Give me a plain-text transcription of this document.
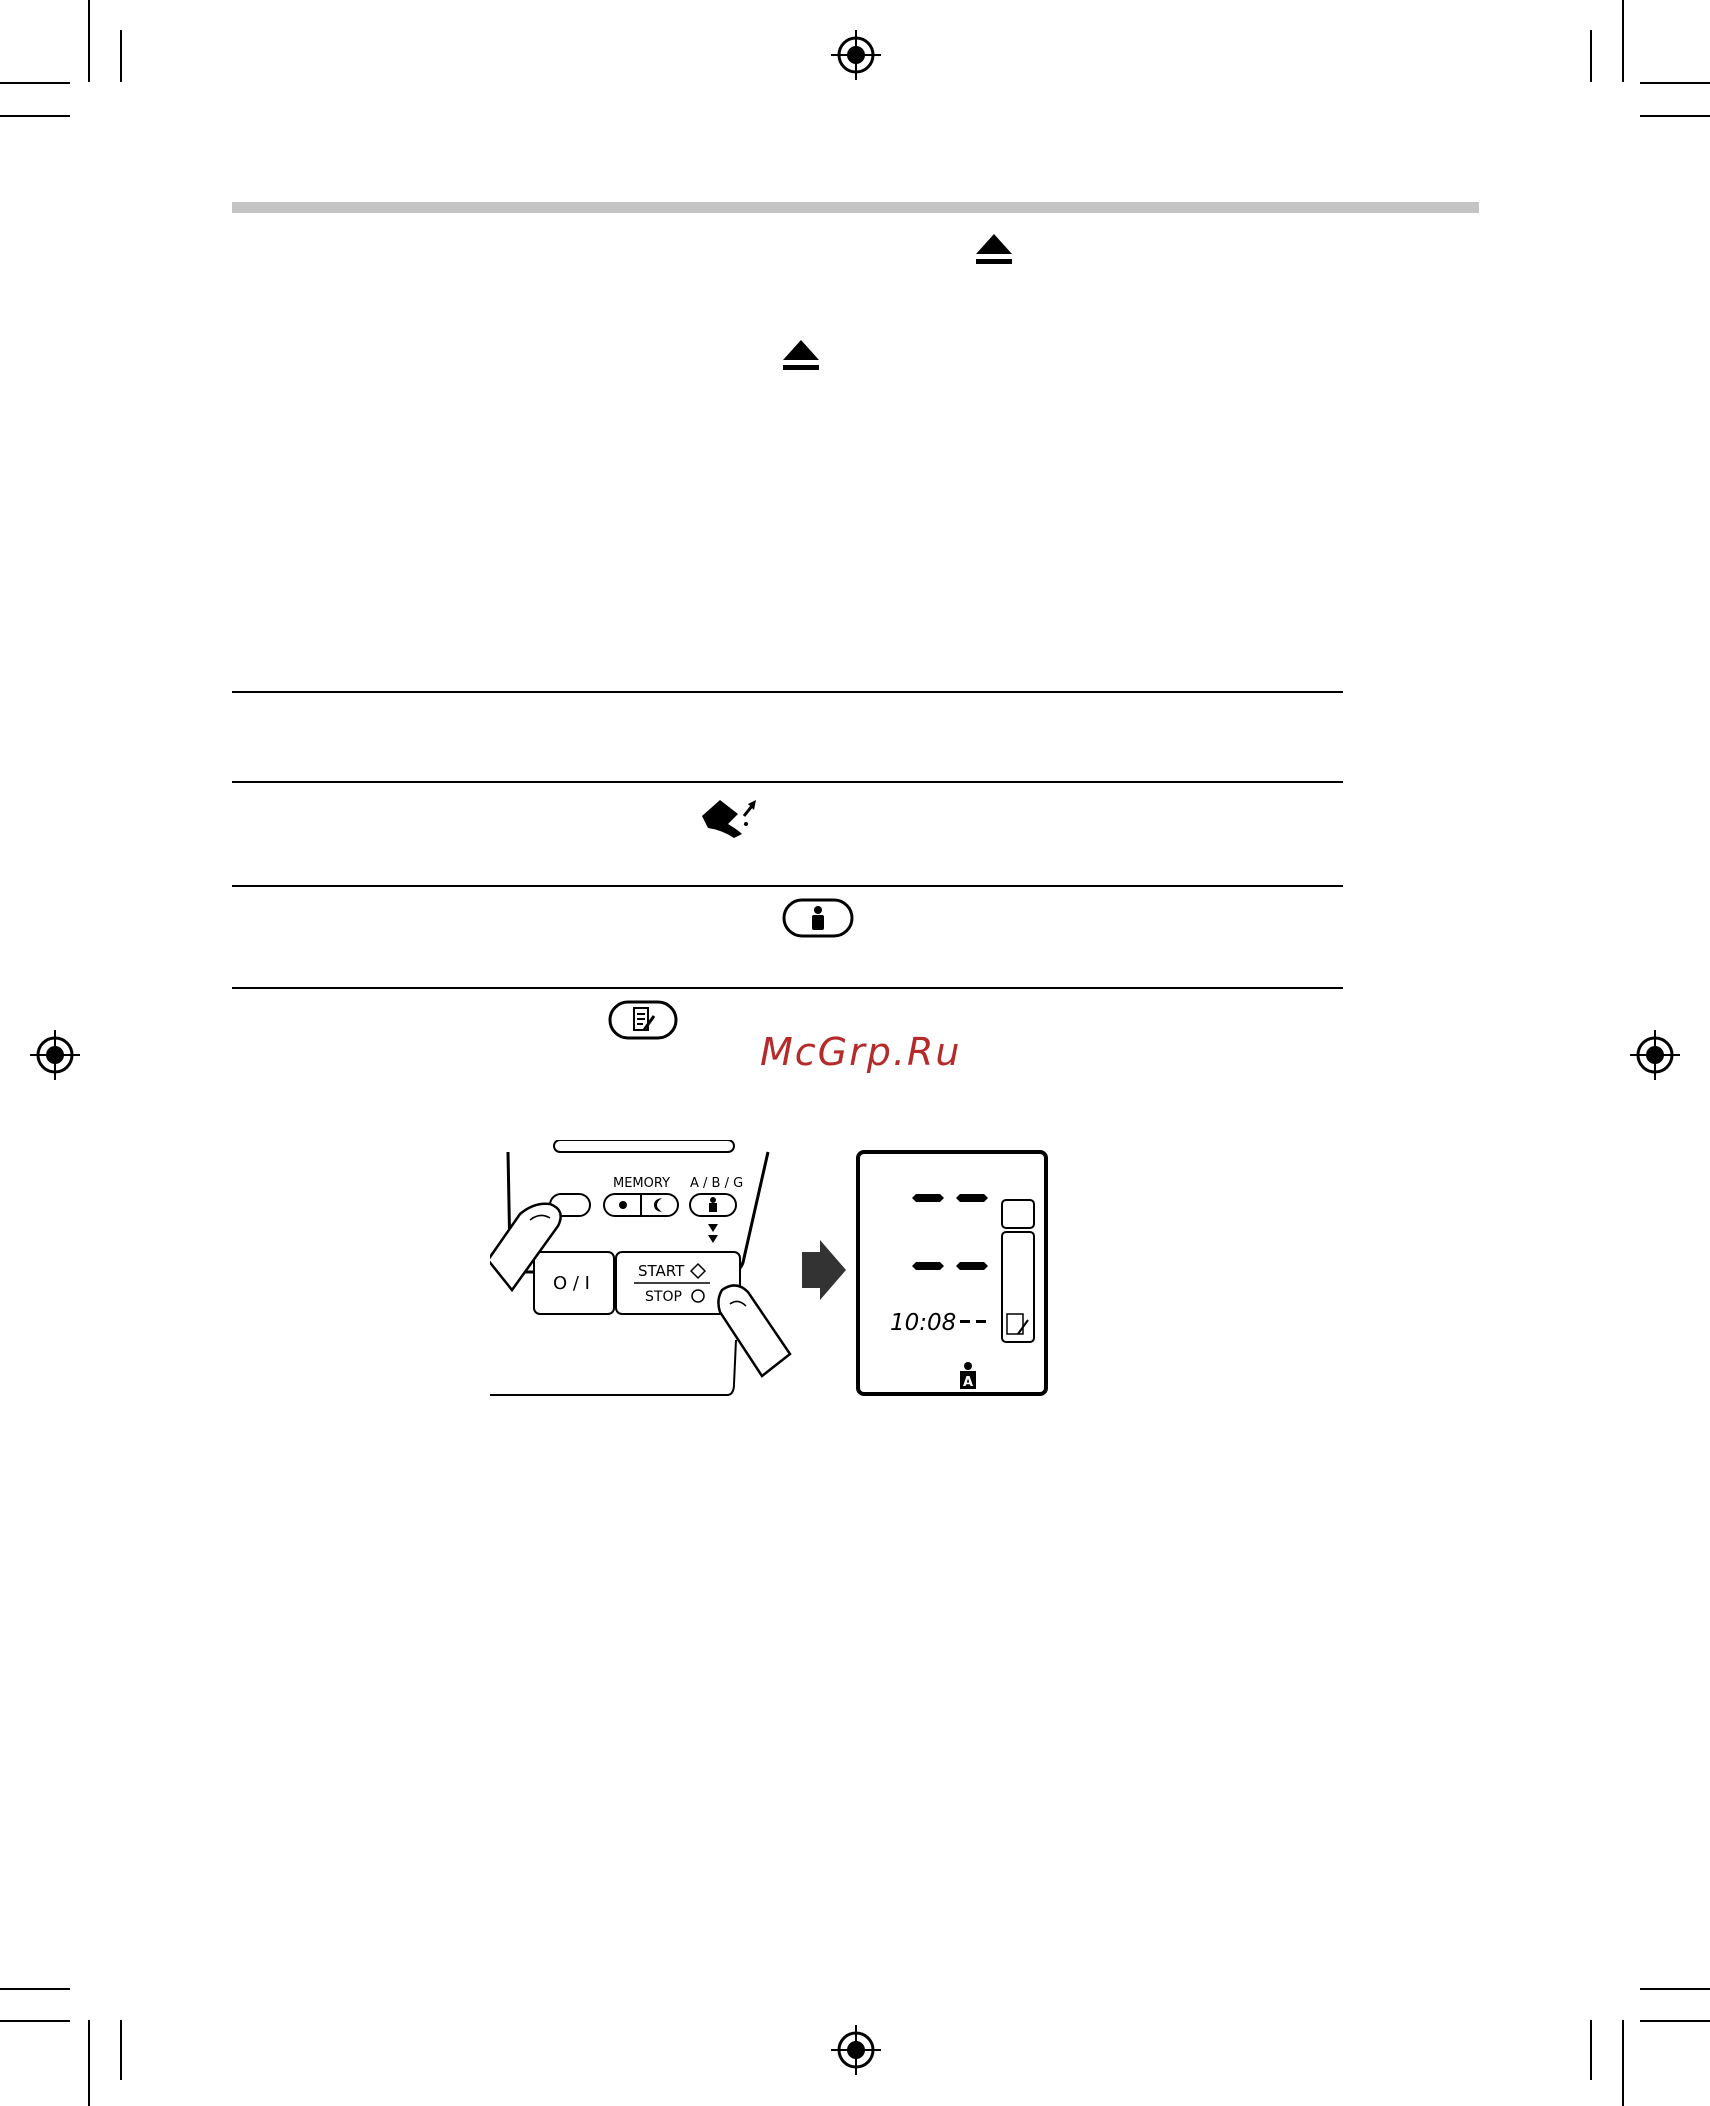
McGrp.Ru
MEMORY A / B / G
O / I
START
STOP
10:08
A
